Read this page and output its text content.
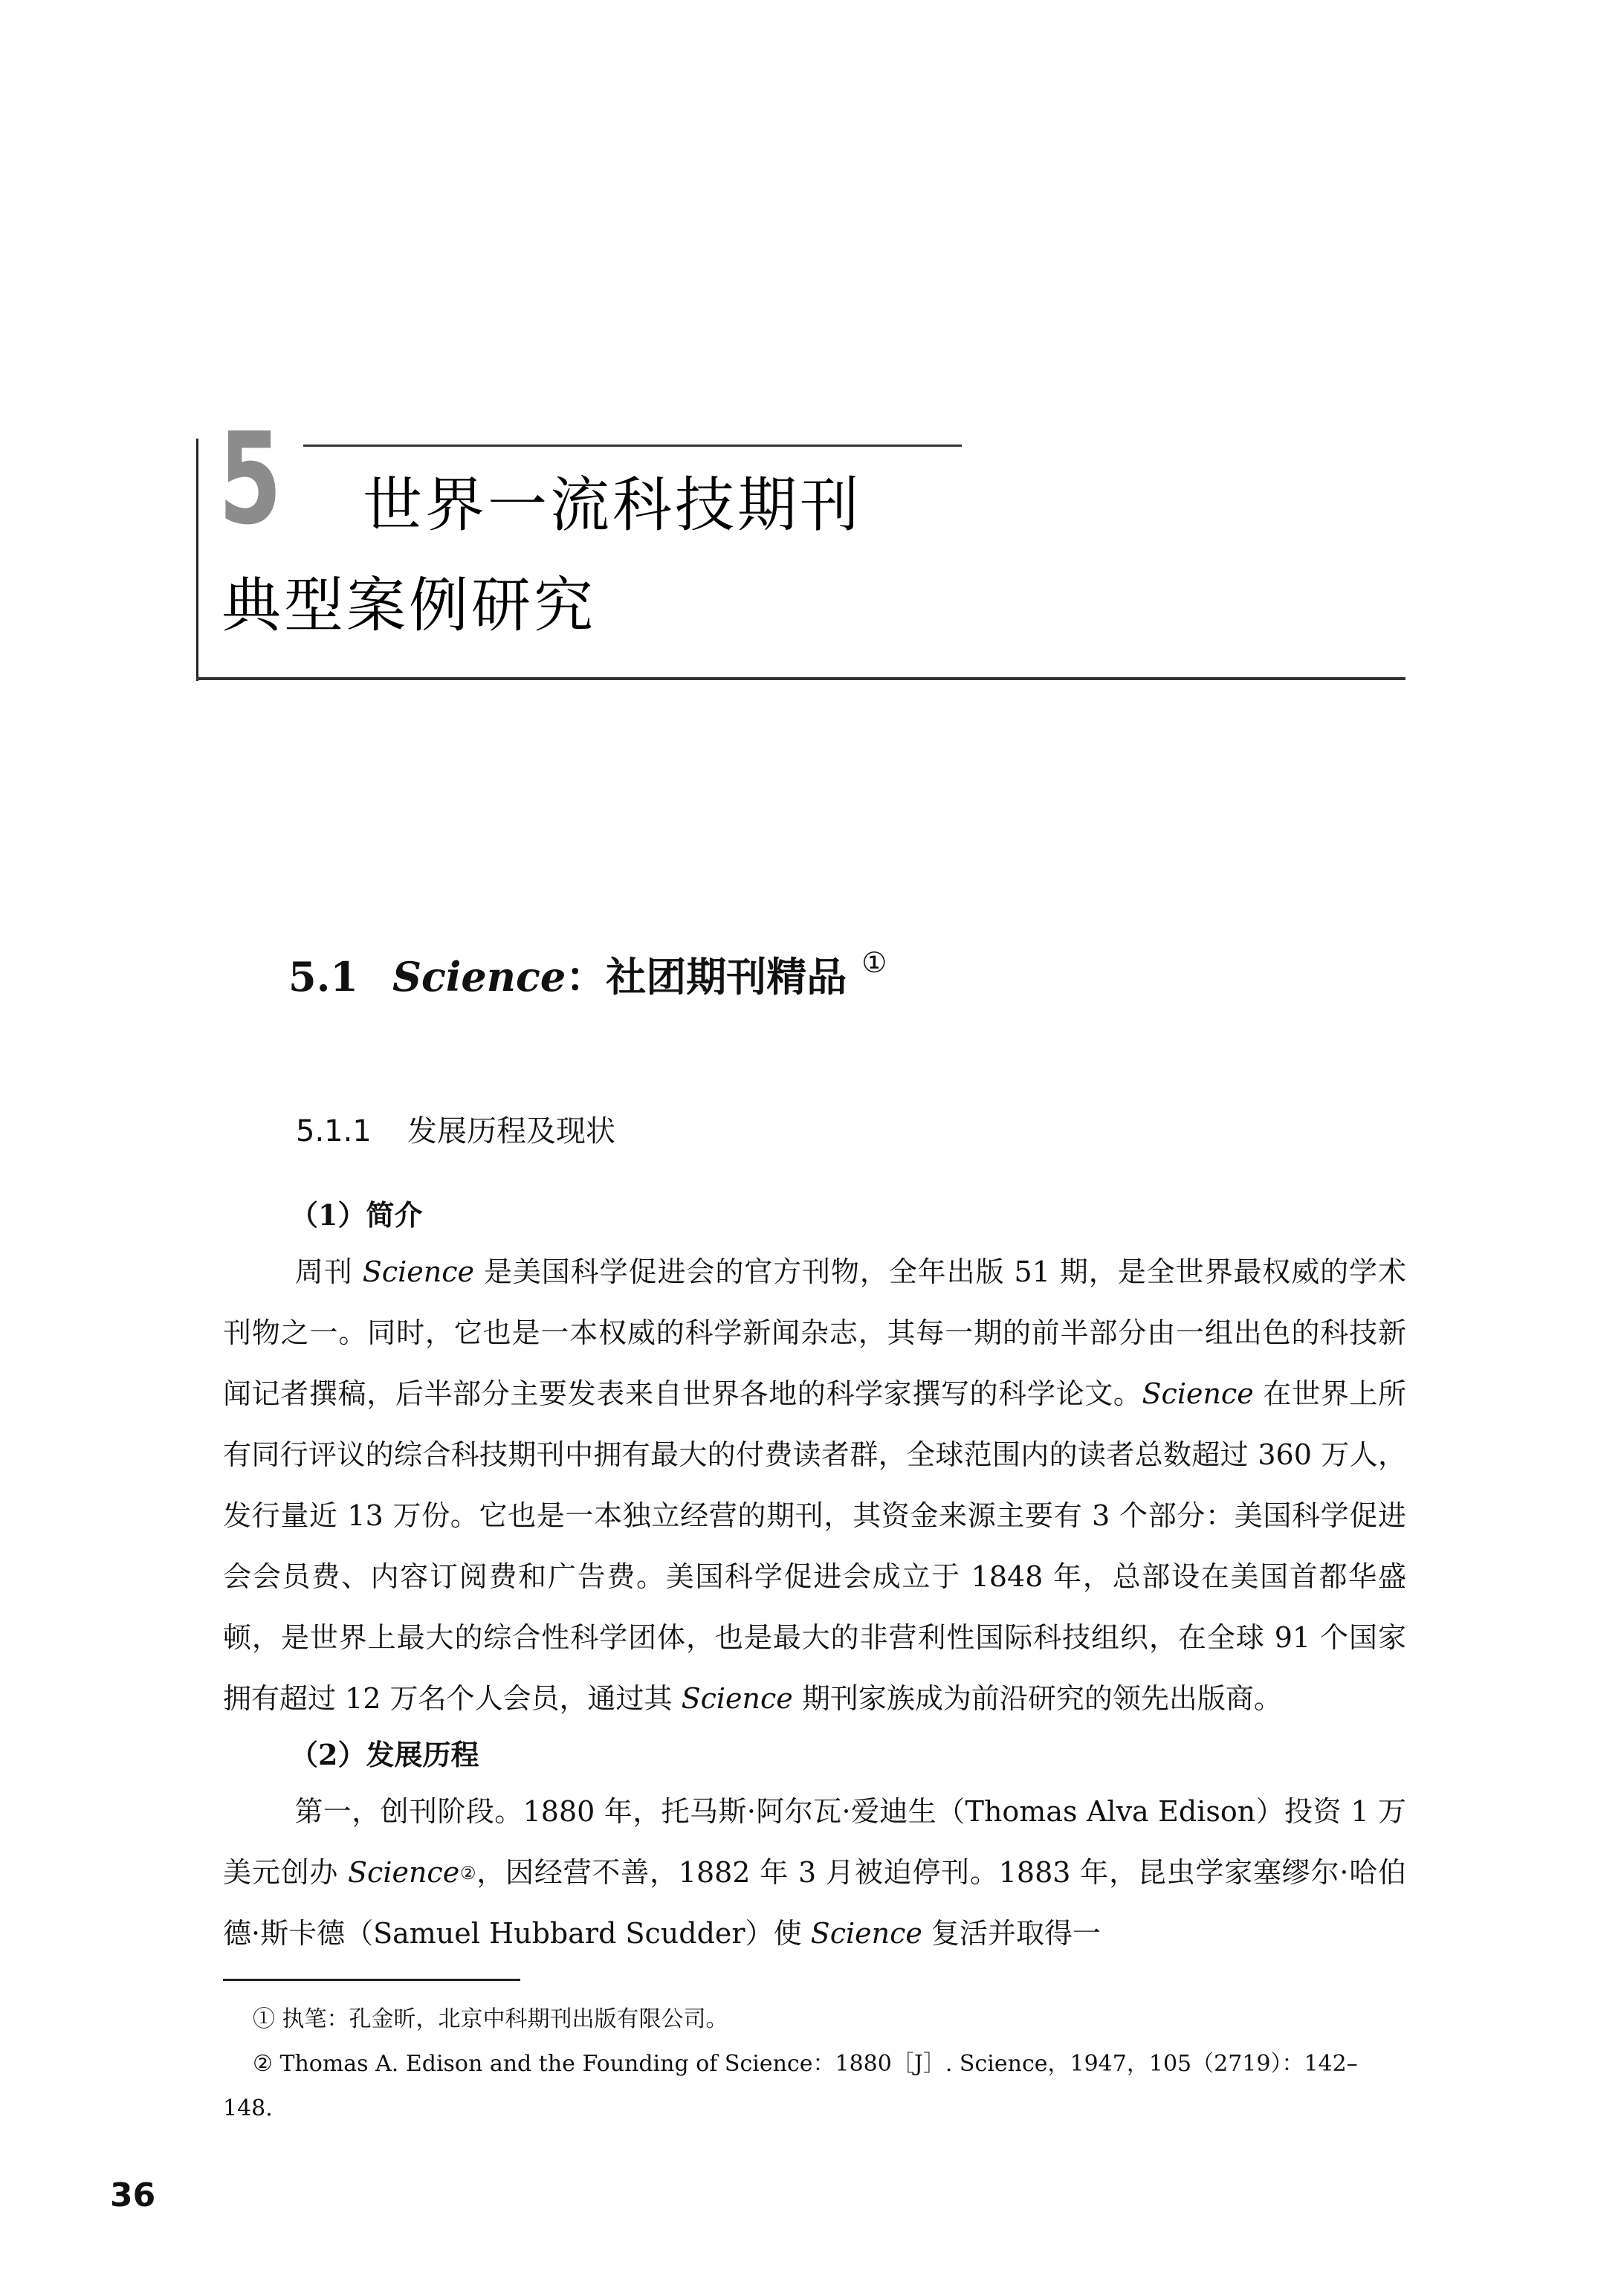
5 世界一流科技期刊
典型案例研究
5.1 Science：社团期刊精品 ①
5.1.1 发展历程及现状

（1）简介

周刊 Science 是美国科学促进会的官方刊物，全年出版 51 期，是全世界最权威的学术刊物之一。同时，它也是一本权威的科学新闻杂志，其每一期的前半部分由一组出色的科技新闻记者撰稿，后半部分主要发表来自世界各地的科学家撰写的科学论文。Science 在世界上所有同行评议的综合科技期刊中拥有最大的付费读者群，全球范围内的读者总数超过 360 万人，发行量近 13 万份。它也是一本独立经营的期刊，其资金来源主要有 3 个部分：美国科学促进会会员费、内容订阅费和广告费。美国科学促进会成立于 1848 年，总部设在美国首都华盛顿，是世界上最大的综合性科学团体，也是最大的非营利性国际科技组织，在全球 91 个国家拥有超过 12 万名个人会员，通过其 Science 期刊家族成为前沿研究的领先出版商。

（2）发展历程

第一，创刊阶段。1880 年，托马斯·阿尔瓦·爱迪生（Thomas Alva Edison）投资 1 万美元创办 Science②，因经营不善，1882 年 3 月被迫停刊。1883 年，昆虫学家塞缪尔·哈伯德·斯卡德（Samuel Hubbard Scudder）使 Science 复活并取得一

① 执笔：孔金昕，北京中科期刊出版有限公司。

② Thomas A. Edison and the Founding of Science：1880［J］. Science，1947，105（2719）：142–148.

36
